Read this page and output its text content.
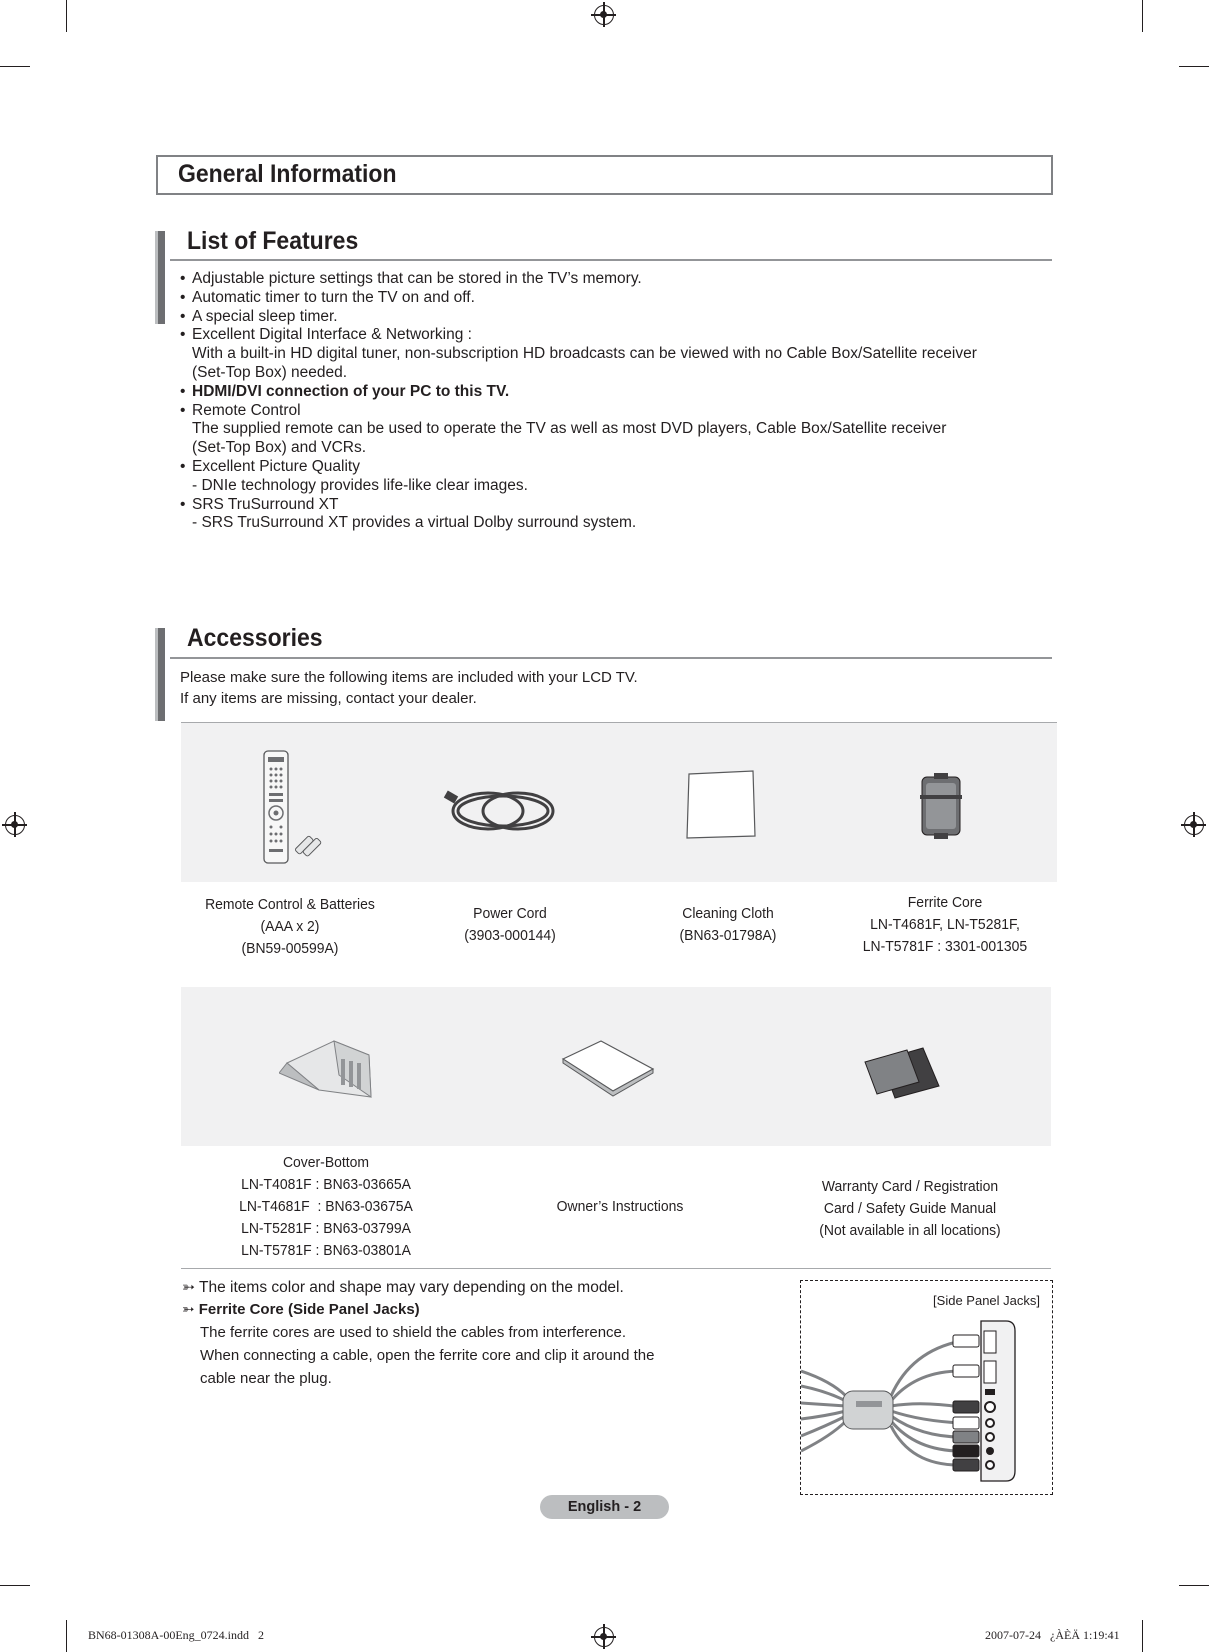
General Information
List of Features
• Adjustable picture settings that can be stored in the TV’s memory.
• Automatic timer to turn the TV on and off.
• A special sleep timer.
• Excellent Digital Interface & Networking :
With a built-in HD digital tuner, non-subscription HD broadcasts can be viewed with no Cable Box/Satellite receiver
(Set-Top Box) needed.
• HDMI/DVI connection of your PC to this TV.
• Remote Control
The supplied remote can be used to operate the TV as well as most DVD players, Cable Box/Satellite receiver
(Set-Top Box) and VCRs.
• Excellent Picture Quality
- DNIe technology provides life-like clear images.
• SRS TruSurround XT
- SRS TruSurround XT provides a virtual Dolby surround system.
Accessories
Please make sure the following items are included with your LCD TV.
If any items are missing, contact your dealer.
Remote Control & Batteries
(AAA x 2)
(BN59-00599A)
Power Cord
(3903-000144)
Cleaning Cloth
(BN63-01798A)
Ferrite Core
LN-T4681F, LN-T5281F,
LN-T5781F : 3301-001305
Cover-Bottom
LN-T4081F : BN63-03665A
LN-T4681F  : BN63-03675A
LN-T5281F : BN63-03799A
LN-T5781F : BN63-03801A
Owner’s Instructions
Warranty Card / Registration
Card / Safety Guide Manual
(Not available in all locations)
➳ The items color and shape may vary depending on the model.
➳ Ferrite Core (Side Panel Jacks)
The ferrite cores are used to shield the cables from interference.
When connecting a cable, open the ferrite core and clip it around the
cable near the plug.
[Side Panel Jacks]
English - 2
BN68-01308A-00Eng_0724.indd   2	2007-07-24   ¿ÀÈÄ 1:19:41
